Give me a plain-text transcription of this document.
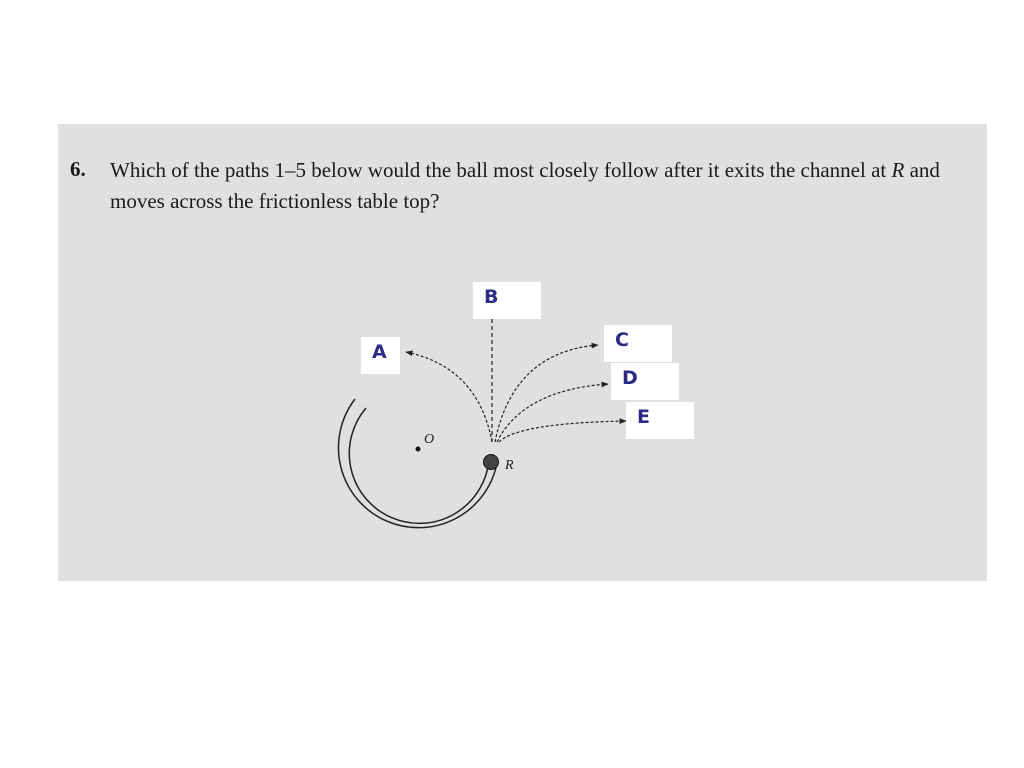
6. Which of the paths 1–5 below would the ball most closely follow after it exits the channel at R and moves across the frictionless table top?
O
R
A
B
C
D
E
